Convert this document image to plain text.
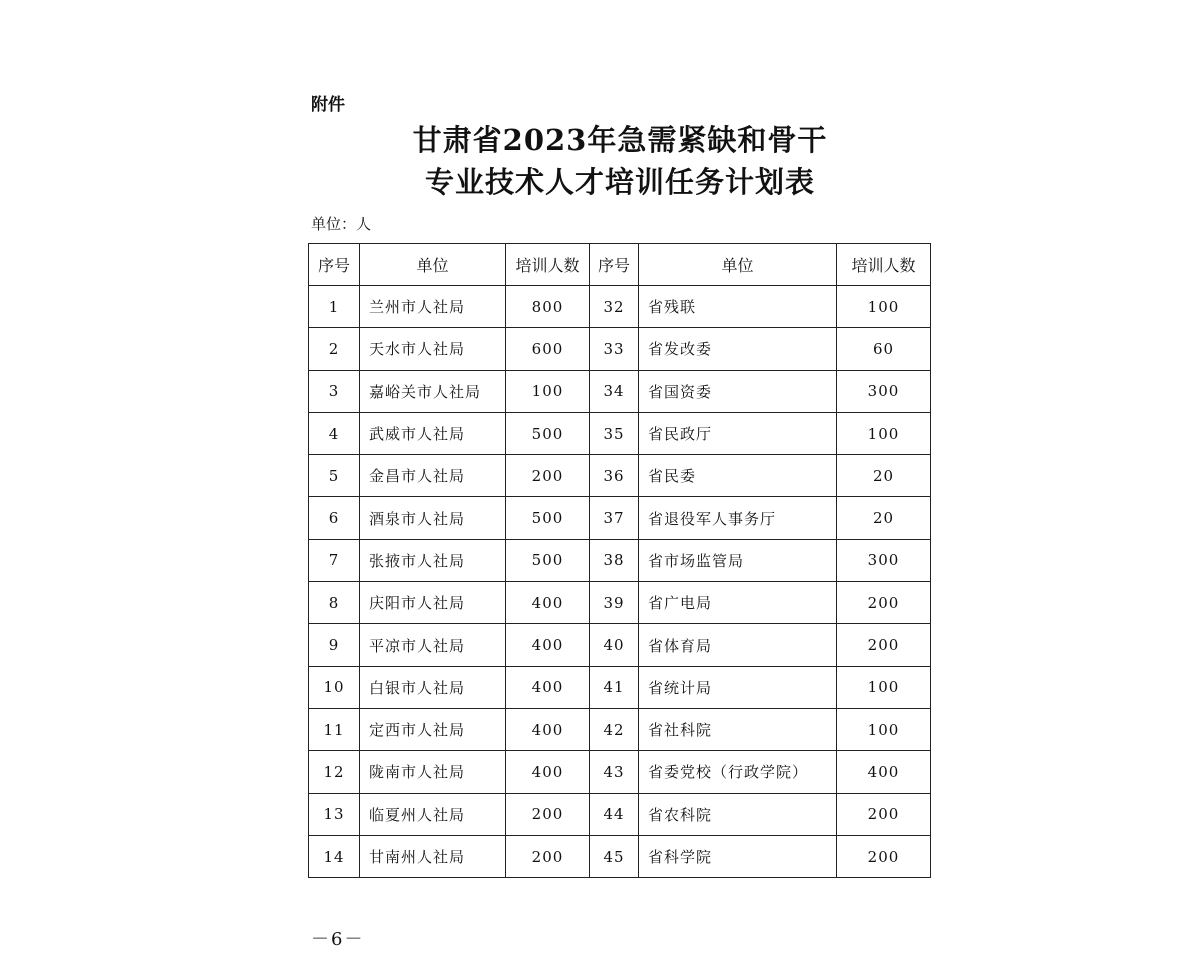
附件
甘肃省2023年急需紧缺和骨干
专业技术人才培训任务计划表
单位：人
序号	单位	培训人数	序号	单位	培训人数
1	兰州市人社局	800	32	省残联	100
2	天水市人社局	600	33	省发改委	60
3	嘉峪关市人社局	100	34	省国资委	300
4	武威市人社局	500	35	省民政厅	100
5	金昌市人社局	200	36	省民委	20
6	酒泉市人社局	500	37	省退役军人事务厅	20
7	张掖市人社局	500	38	省市场监管局	300
8	庆阳市人社局	400	39	省广电局	200
9	平凉市人社局	400	40	省体育局	200
10	白银市人社局	400	41	省统计局	100
11	定西市人社局	400	42	省社科院	100
12	陇南市人社局	400	43	省委党校（行政学院）	400
13	临夏州人社局	200	44	省农科院	200
14	甘南州人社局	200	45	省科学院	200
－6－
